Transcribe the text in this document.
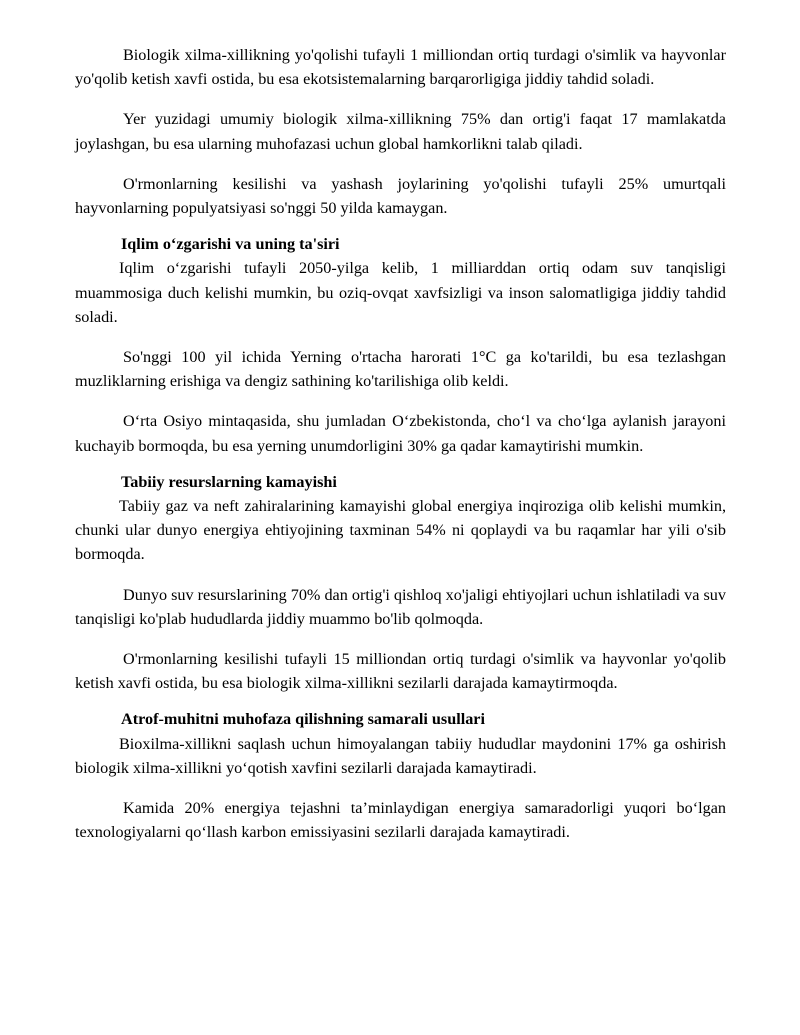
Biologik xilma-xillikning yo'qolishi tufayli 1 milliondan ortiq turdagi o'simlik va hayvonlar yo'qolib ketish xavfi ostida, bu esa ekotsistemalarning barqarorligiga jiddiy tahdid soladi.

Yer yuzidagi umumiy biologik xilma-xillikning 75% dan ortig'i faqat 17 mamlakatda joylashgan, bu esa ularning muhofazasi uchun global hamkorlikni talab qiladi.

O'rmonlarning kesilishi va yashash joylarining yo'qolishi tufayli 25% umurtqali hayvonlarning populyatsiyasi so'nggi 50 yilda kamaygan.

Iqlim o‘zgarishi va uning ta'siri

Iqlim o‘zgarishi tufayli 2050-yilga kelib, 1 milliarddan ortiq odam suv tanqisligi muammosiga duch kelishi mumkin, bu oziq-ovqat xavfsizligi va inson salomatligiga jiddiy tahdid soladi.

So'nggi 100 yil ichida Yerning o'rtacha harorati 1°C ga ko'tarildi, bu esa tezlashgan muzliklarning erishiga va dengiz sathining ko'tarilishiga olib keldi.

O‘rta Osiyo mintaqasida, shu jumladan O‘zbekistonda, cho‘l va cho‘lga aylanish jarayoni kuchayib bormoqda, bu esa yerning unumdorligini 30% ga qadar kamaytirishi mumkin.

Tabiiy resurslarning kamayishi

Tabiiy gaz va neft zahiralarining kamayishi global energiya inqiroziga olib kelishi mumkin, chunki ular dunyo energiya ehtiyojining taxminan 54% ni qoplaydi va bu raqamlar har yili o'sib bormoqda.

Dunyo suv resurslarining 70% dan ortig'i qishloq xo'jaligi ehtiyojlari uchun ishlatiladi va suv tanqisligi ko'plab hududlarda jiddiy muammo bo'lib qolmoqda.

O'rmonlarning kesilishi tufayli 15 milliondan ortiq turdagi o'simlik va hayvonlar yo'qolib ketish xavfi ostida, bu esa biologik xilma-xillikni sezilarli darajada kamaytirmoqda.

Atrof-muhitni muhofaza qilishning samarali usullari

Bioxilma-xillikni saqlash uchun himoyalangan tabiiy hududlar maydonini 17% ga oshirish biologik xilma-xillikni yo‘qotish xavfini sezilarli darajada kamaytiradi.

Kamida 20% energiya tejashni ta’minlaydigan energiya samaradorligi yuqori bo‘lgan texnologiyalarni qo‘llash karbon emissiyasini sezilarli darajada kamaytiradi.
